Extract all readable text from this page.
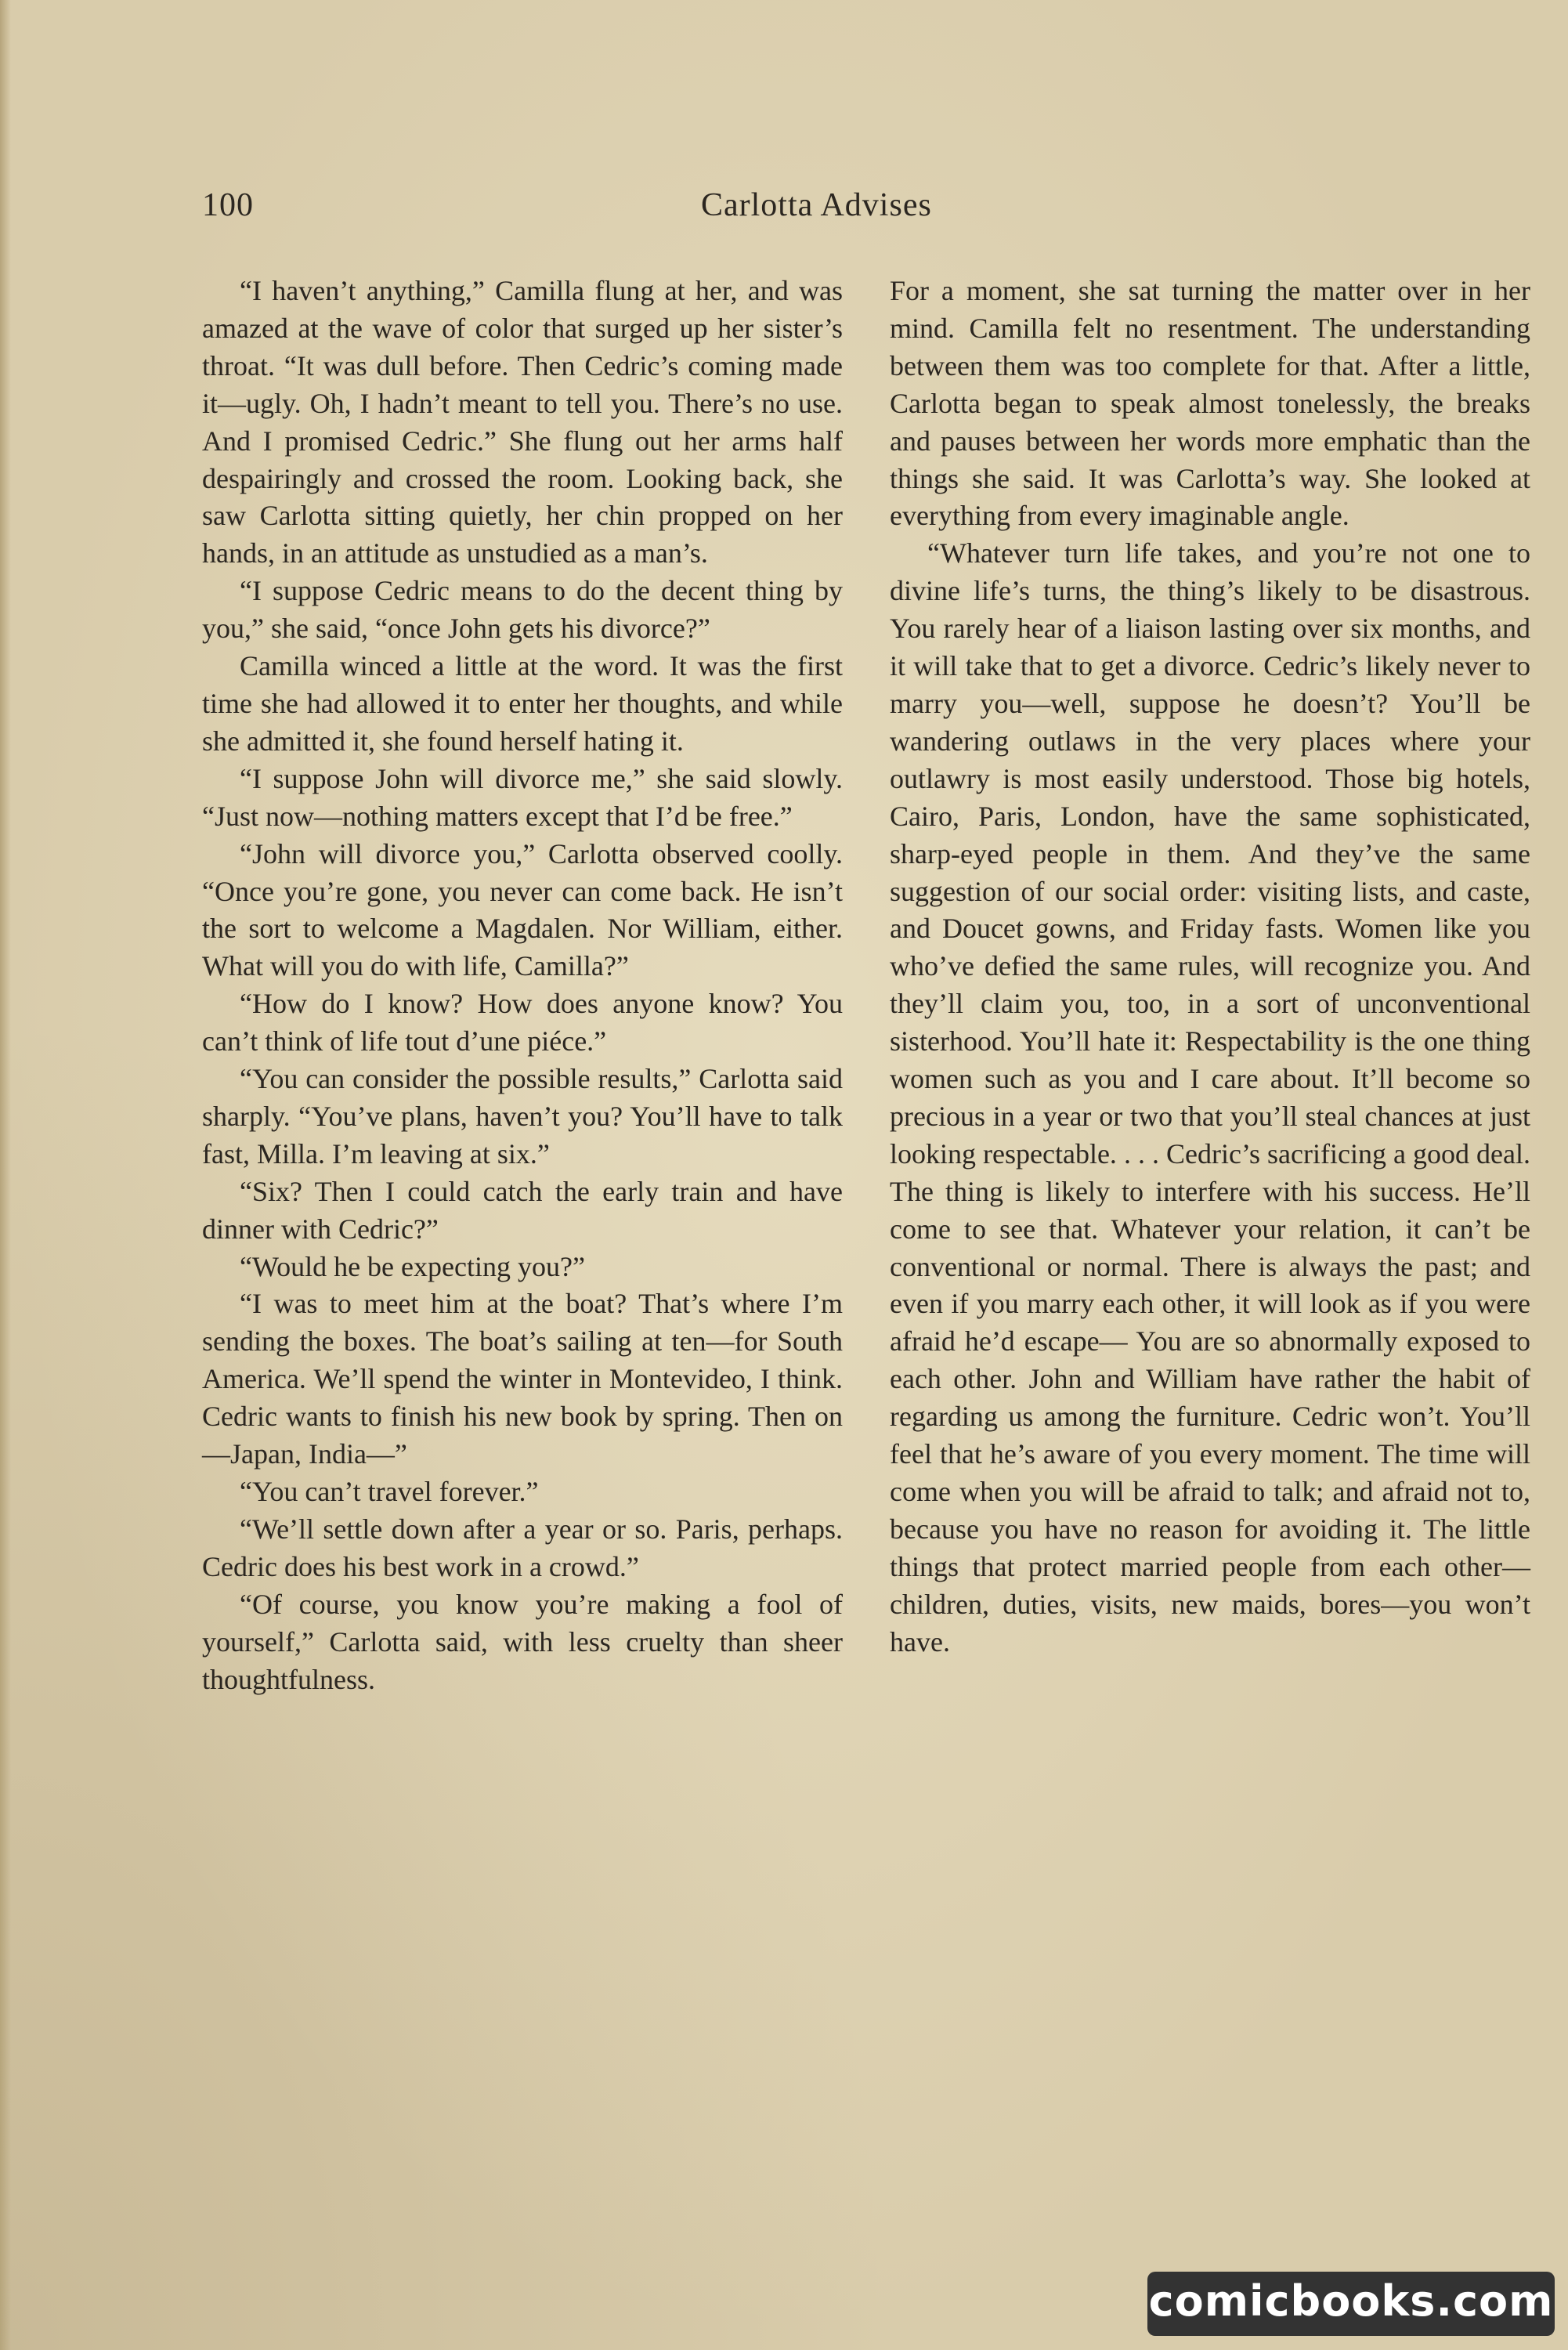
100	Carlotta Advises

“I haven’t anything,” Camilla flung at her, and was amazed at the wave of color that surged up her sister’s throat. “It was dull before. Then Cedric’s coming made it—ugly. Oh, I hadn’t meant to tell you. There’s no use. And I promised Cedric.” She flung out her arms half despairingly and crossed the room. Looking back, she saw Carlotta sitting quietly, her chin propped on her hands, in an attitude as unstudied as a man’s.

“I suppose Cedric means to do the decent thing by you,” she said, “once John gets his divorce?”

Camilla winced a little at the word. It was the first time she had allowed it to enter her thoughts, and while she admitted it, she found herself hating it.

“I suppose John will divorce me,” she said slowly. “Just now—nothing matters except that I’d be free.”

“John will divorce you,” Carlotta observed coolly. “Once you’re gone, you never can come back. He isn’t the sort to welcome a Magdalen. Nor William, either. What will you do with life, Camilla?”

“How do I know? How does anyone know? You can’t think of life tout d’une piéce.”

“You can consider the possible results,” Carlotta said sharply. “You’ve plans, haven’t you? You’ll have to talk fast, Milla. I’m leaving at six.”

“Six? Then I could catch the early train and have dinner with Cedric?”

“Would he be expecting you?”

“I was to meet him at the boat? That’s where I’m sending the boxes. The boat’s sailing at ten—for South America. We’ll spend the winter in Montevideo, I think. Cedric wants to finish his new book by spring. Then on—Japan, India—”

“You can’t travel forever.”

“We’ll settle down after a year or so. Paris, perhaps. Cedric does his best work in a crowd.”

“Of course, you know you’re making a fool of yourself,” Carlotta said, with less cruelty than sheer thoughtfulness.

For a moment, she sat turning the matter over in her mind. Camilla felt no resentment. The understanding between them was too complete for that. After a little, Carlotta began to speak almost tonelessly, the breaks and pauses between her words more emphatic than the things she said. It was Carlotta’s way. She looked at everything from every imaginable angle.

“Whatever turn life takes, and you’re not one to divine life’s turns, the thing’s likely to be disastrous. You rarely hear of a liaison lasting over six months, and it will take that to get a divorce. Cedric’s likely never to marry you—well, suppose he doesn’t? You’ll be wandering outlaws in the very places where your outlawry is most easily understood. Those big hotels, Cairo, Paris, London, have the same sophisticated, sharp-eyed people in them. And they’ve the same suggestion of our social order: visiting lists, and caste, and Doucet gowns, and Friday fasts. Women like you who’ve defied the same rules, will recognize you. And they’ll claim you, too, in a sort of unconventional sisterhood. You’ll hate it: Respectability is the one thing women such as you and I care about. It’ll become so precious in a year or two that you’ll steal chances at just looking respectable. . . . Cedric’s sacrificing a good deal. The thing is likely to interfere with his success. He’ll come to see that. Whatever your relation, it can’t be conventional or normal. There is always the past; and even if you marry each other, it will look as if you were afraid he’d escape— You are so abnormally exposed to each other. John and William have rather the habit of regarding us among the furniture. Cedric won’t. You’ll feel that he’s aware of you every moment. The time will come when you will be afraid to talk; and afraid not to, because you have no reason for avoiding it. The little things that protect married people from each other—children, duties, visits, new maids, bores—you won’t have.

comicbooks.com
